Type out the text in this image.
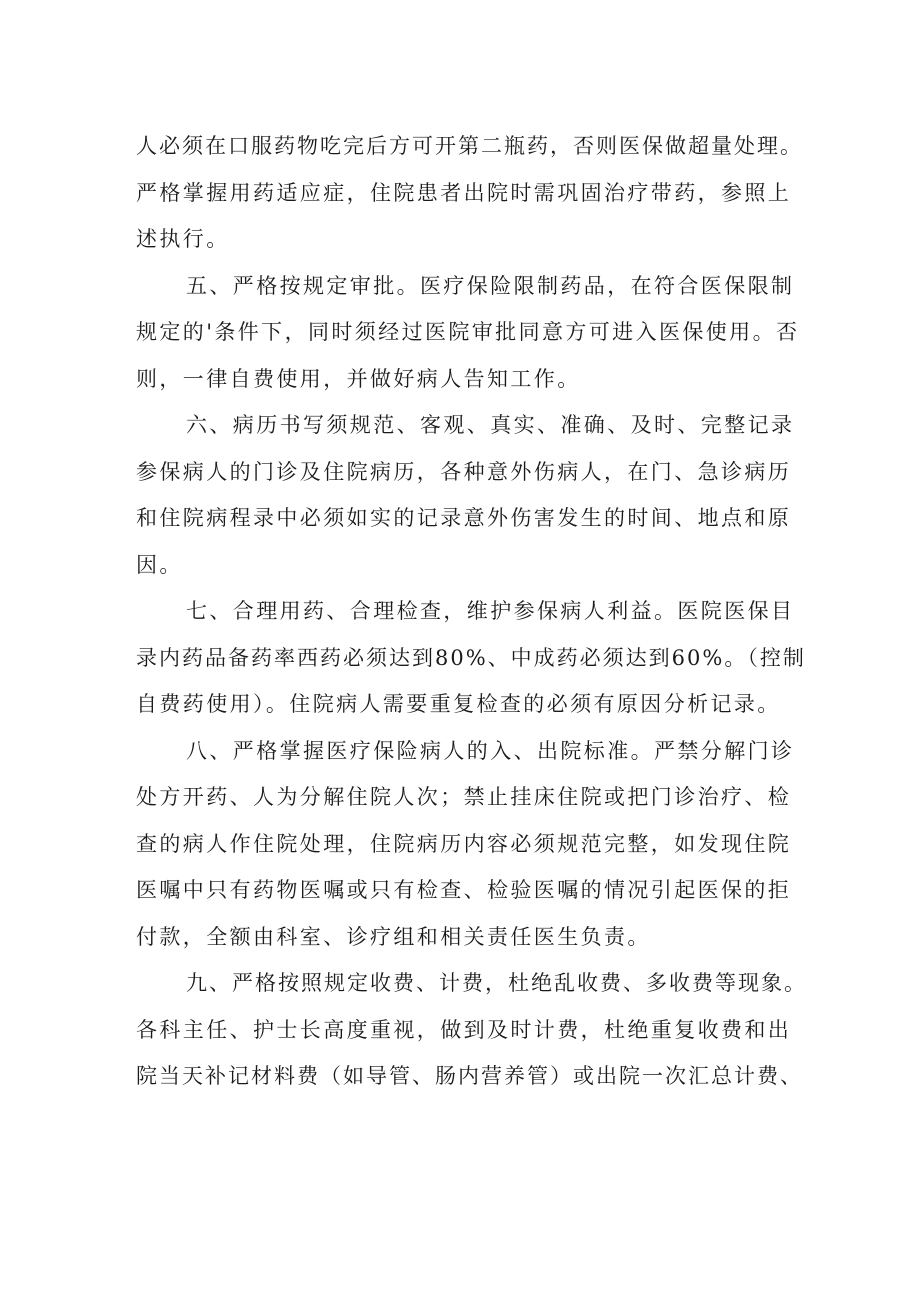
人必须在口服药物吃完后方可开第二瓶药，否则医保做超量处理。
严格掌握用药适应症，住院患者出院时需巩固治疗带药，参照上
述执行。
五、严格按规定审批。医疗保险限制药品，在符合医保限制
规定的'条件下，同时须经过医院审批同意方可进入医保使用。否
则，一律自费使用，并做好病人告知工作。
六、病历书写须规范、客观、真实、准确、及时、完整记录
参保病人的门诊及住院病历，各种意外伤病人，在门、急诊病历
和住院病程录中必须如实的记录意外伤害发生的时间、地点和原
因。
七、合理用药、合理检查，维护参保病人利益。医院医保目
录内药品备药率西药必须达到80%、中成药必须达到60%。（控制
自费药使用）。住院病人需要重复检查的必须有原因分析记录。
八、严格掌握医疗保险病人的入、出院标准。严禁分解门诊
处方开药、人为分解住院人次；禁止挂床住院或把门诊治疗、检
查的病人作住院处理，住院病历内容必须规范完整，如发现住院
医嘱中只有药物医嘱或只有检查、检验医嘱的情况引起医保的拒
付款，全额由科室、诊疗组和相关责任医生负责。
九、严格按照规定收费、计费，杜绝乱收费、多收费等现象。
各科主任、护士长高度重视，做到及时计费，杜绝重复收费和出
院当天补记材料费（如导管、肠内营养管）或出院一次汇总计费、
